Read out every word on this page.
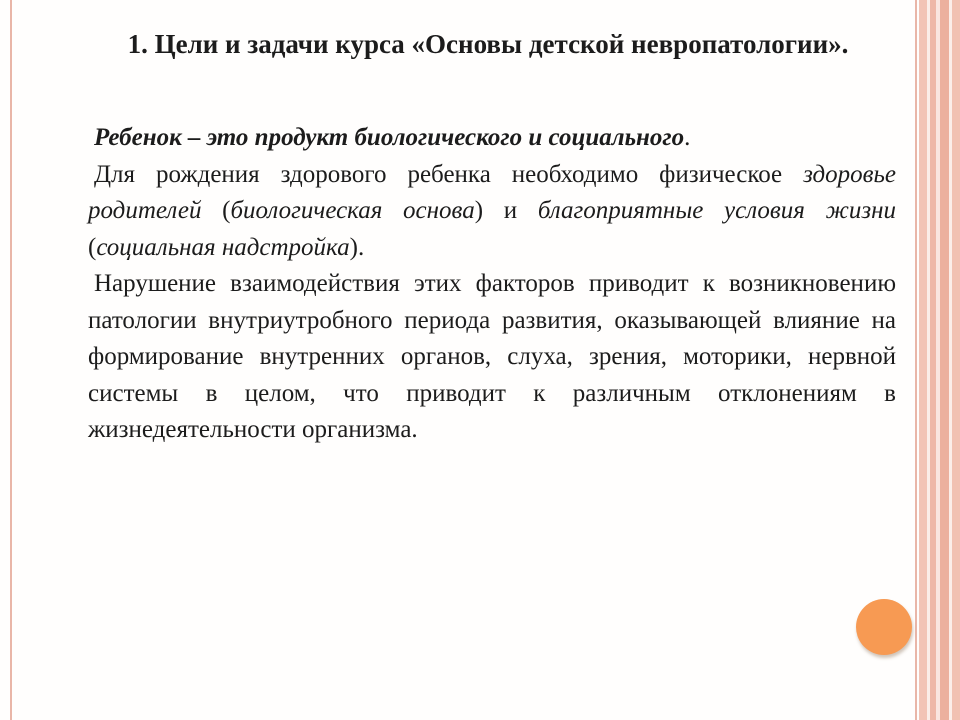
1. Цели и задачи курса «Основы детской невропатологии».

Ребенок – это продукт биологического и социального.

Для рождения здорового ребенка необходимо физическое здоровье родителей (биологическая основа) и благоприятные условия жизни (социальная надстройка).

Нарушение взаимодействия этих факторов приводит к возникновению патологии внутриутробного периода развития, оказывающей влияние на формирование внутренних органов, слуха, зрения, моторики, нервной системы в целом, что приводит к различным отклонениям в жизнедеятельности организма.
